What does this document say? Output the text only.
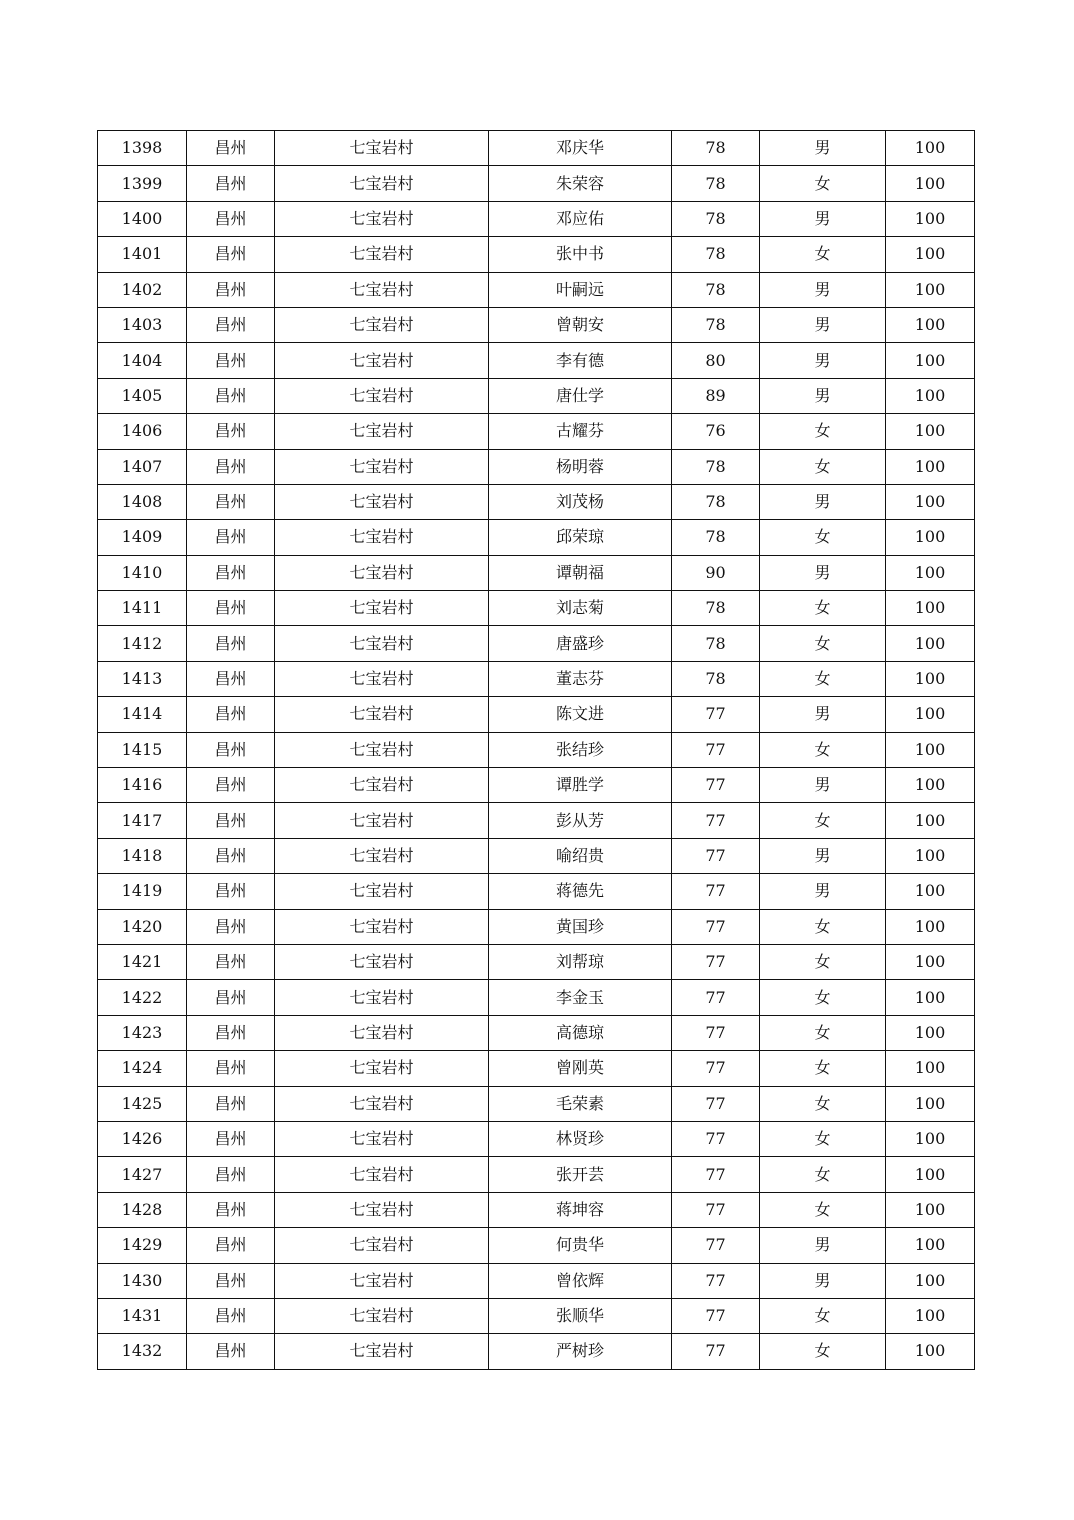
1398	昌州	七宝岩村	邓庆华	78	男	100
1399	昌州	七宝岩村	朱荣容	78	女	100
1400	昌州	七宝岩村	邓应佑	78	男	100
1401	昌州	七宝岩村	张中书	78	女	100
1402	昌州	七宝岩村	叶嗣远	78	男	100
1403	昌州	七宝岩村	曾朝安	78	男	100
1404	昌州	七宝岩村	李有德	80	男	100
1405	昌州	七宝岩村	唐仕学	89	男	100
1406	昌州	七宝岩村	古耀芬	76	女	100
1407	昌州	七宝岩村	杨明蓉	78	女	100
1408	昌州	七宝岩村	刘茂杨	78	男	100
1409	昌州	七宝岩村	邱荣琼	78	女	100
1410	昌州	七宝岩村	谭朝福	90	男	100
1411	昌州	七宝岩村	刘志菊	78	女	100
1412	昌州	七宝岩村	唐盛珍	78	女	100
1413	昌州	七宝岩村	董志芬	78	女	100
1414	昌州	七宝岩村	陈文进	77	男	100
1415	昌州	七宝岩村	张结珍	77	女	100
1416	昌州	七宝岩村	谭胜学	77	男	100
1417	昌州	七宝岩村	彭从芳	77	女	100
1418	昌州	七宝岩村	喻绍贵	77	男	100
1419	昌州	七宝岩村	蒋德先	77	男	100
1420	昌州	七宝岩村	黄国珍	77	女	100
1421	昌州	七宝岩村	刘帮琼	77	女	100
1422	昌州	七宝岩村	李金玉	77	女	100
1423	昌州	七宝岩村	高德琼	77	女	100
1424	昌州	七宝岩村	曾刚英	77	女	100
1425	昌州	七宝岩村	毛荣素	77	女	100
1426	昌州	七宝岩村	林贤珍	77	女	100
1427	昌州	七宝岩村	张开芸	77	女	100
1428	昌州	七宝岩村	蒋坤容	77	女	100
1429	昌州	七宝岩村	何贵华	77	男	100
1430	昌州	七宝岩村	曾依辉	77	男	100
1431	昌州	七宝岩村	张顺华	77	女	100
1432	昌州	七宝岩村	严树珍	77	女	100
